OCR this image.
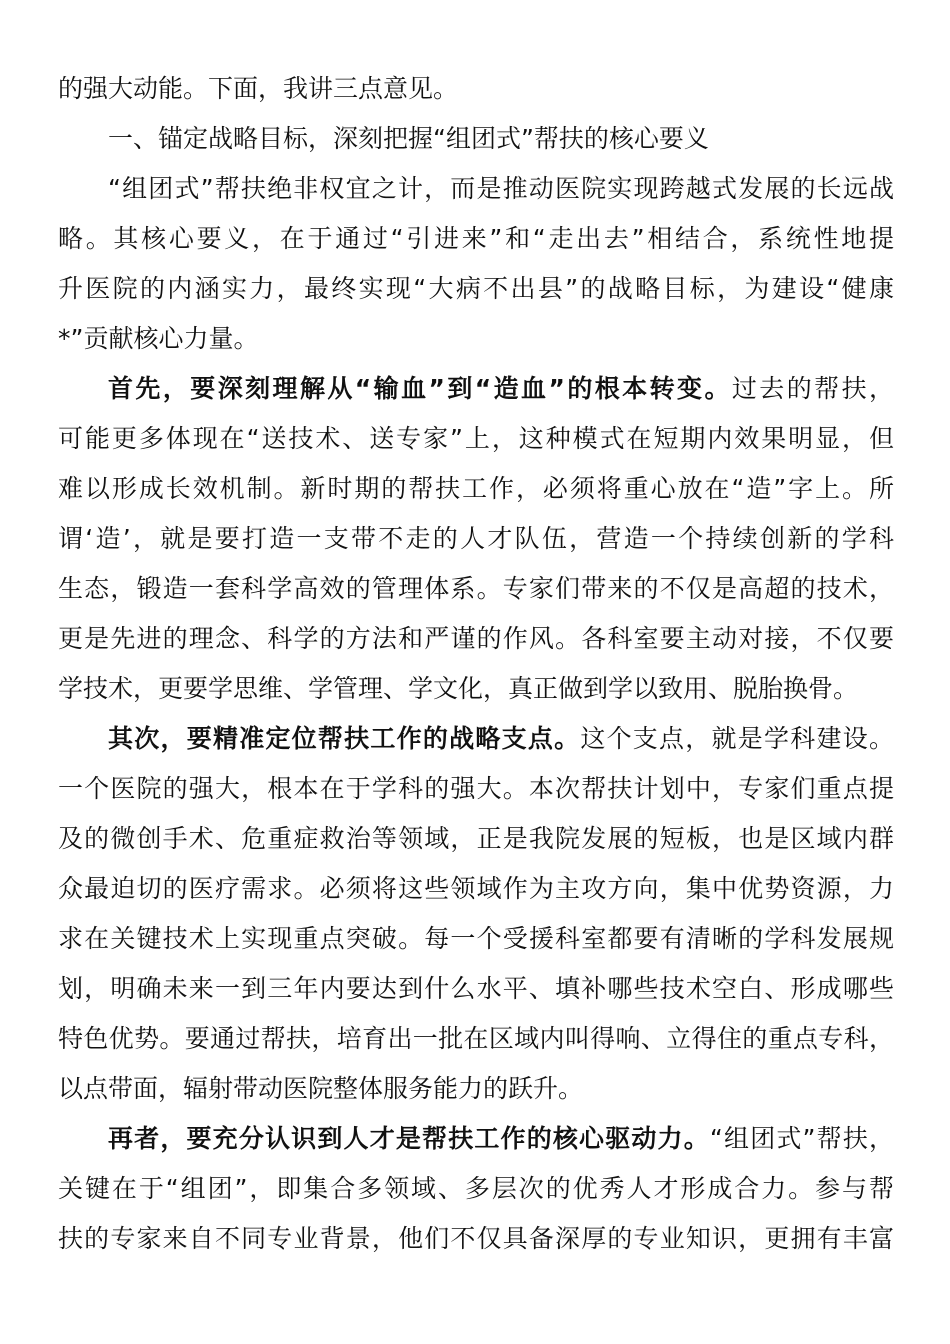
的强大动能。下面，我讲三点意见。
一、锚定战略目标，深刻把握“组团式”帮扶的核心要义
“组团式”帮扶绝非权宜之计，而是推动医院实现跨越式发展的长远战
略。其核心要义，在于通过“引进来”和“走出去”相结合，系统性地提
升医院的内涵实力，最终实现“大病不出县”的战略目标，为建设“健康
*”贡献核心力量。
首先，要深刻理解从“输血”到“造血”的根本转变。过去的帮扶，
可能更多体现在“送技术、送专家”上，这种模式在短期内效果明显，但
难以形成长效机制。新时期的帮扶工作，必须将重心放在“造”字上。所
谓‘造’，就是要打造一支带不走的人才队伍，营造一个持续创新的学科
生态，锻造一套科学高效的管理体系。专家们带来的不仅是高超的技术，
更是先进的理念、科学的方法和严谨的作风。各科室要主动对接，不仅要
学技术，更要学思维、学管理、学文化，真正做到学以致用、脱胎换骨。
其次，要精准定位帮扶工作的战略支点。这个支点，就是学科建设。
一个医院的强大，根本在于学科的强大。本次帮扶计划中，专家们重点提
及的微创手术、危重症救治等领域，正是我院发展的短板，也是区域内群
众最迫切的医疗需求。必须将这些领域作为主攻方向，集中优势资源，力
求在关键技术上实现重点突破。每一个受援科室都要有清晰的学科发展规
划，明确未来一到三年内要达到什么水平、填补哪些技术空白、形成哪些
特色优势。要通过帮扶，培育出一批在区域内叫得响、立得住的重点专科，
以点带面，辐射带动医院整体服务能力的跃升。
再者，要充分认识到人才是帮扶工作的核心驱动力。“组团式”帮扶，
关键在于“组团”，即集合多领域、多层次的优秀人才形成合力。参与帮
扶的专家来自不同专业背景，他们不仅具备深厚的专业知识，更拥有丰富
